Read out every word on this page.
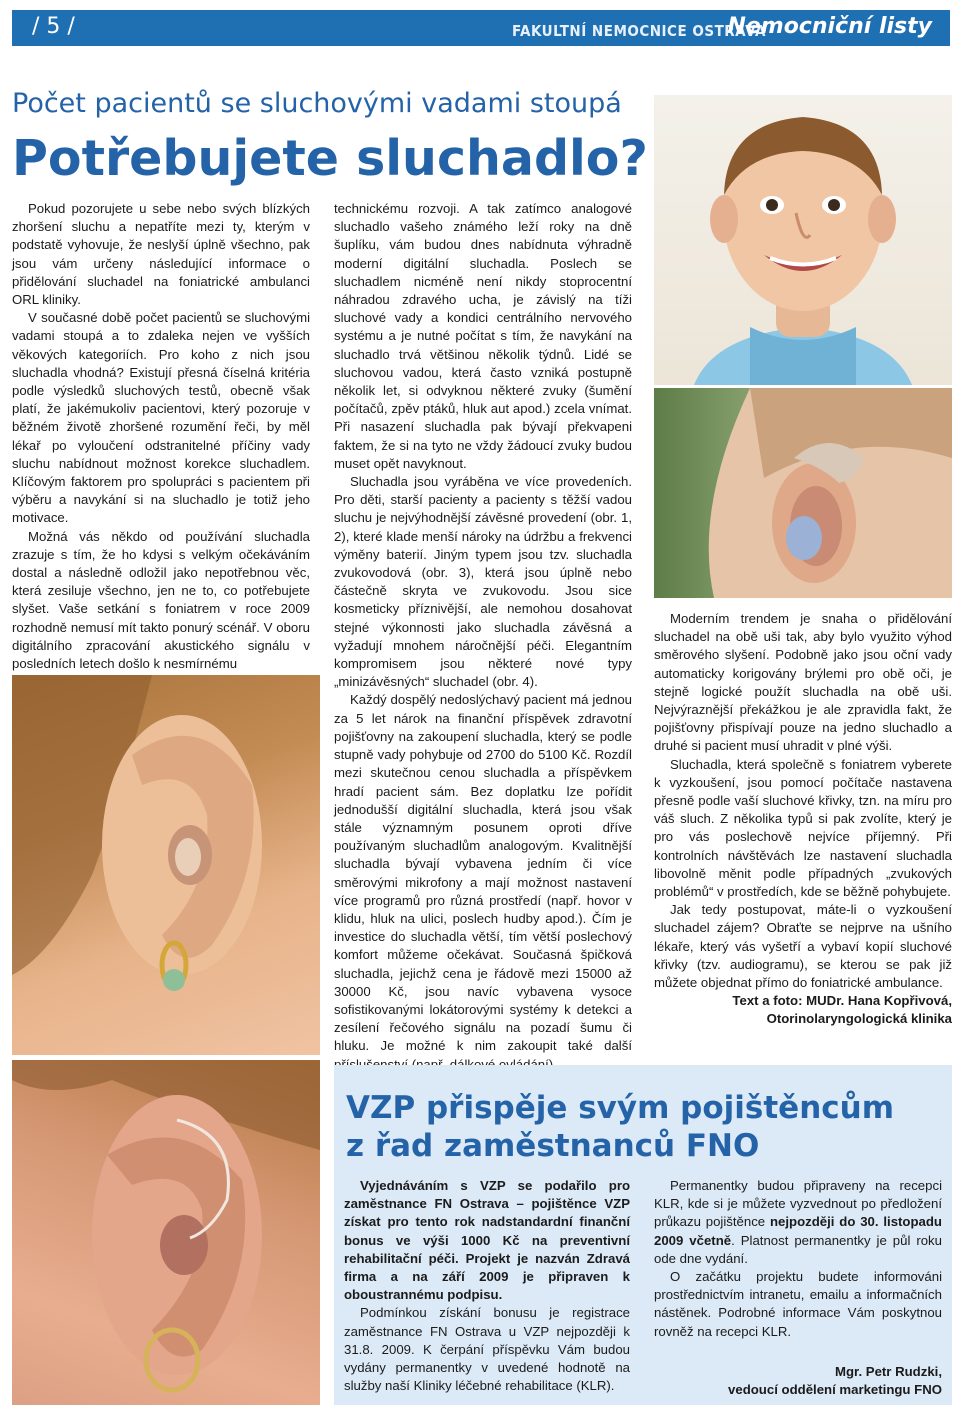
/ 5 /	FAKULTNÍ NEMOCNICE OSTRAVA
Nemocniční listy
Počet pacientů se sluchovými vadami stoupá
Potřebujete sluchadlo?

Pokud pozorujete u sebe nebo svých blízkých zhoršení sluchu a nepatříte mezi ty, kterým v podstatě vyhovuje, že neslyší úplně všechno, pak jsou vám určeny následující informace o přidělování sluchadel na foniatrické ambulanci ORL kliniky.

V současné době počet pacientů se sluchovými vadami stoupá a to zdaleka nejen ve vyšších věkových kategoriích. Pro koho z nich jsou sluchadla vhodná? Existují přesná číselná kritéria podle výsledků sluchových testů, obecně však platí, že jakémukoliv pacientovi, který pozoruje v běžném životě zhoršené rozumění řeči, by měl lékař po vyloučení odstranitelné příčiny vady sluchu nabídnout možnost korekce sluchadlem. Klíčovým faktorem pro spolupráci s pacientem při výběru a navykání si na sluchadlo je totiž jeho motivace.

Možná vás někdo od používání sluchadla zrazuje s tím, že ho kdysi s velkým očekáváním dostal a následně odložil jako nepotřebnou věc, která zesiluje všechno, jen ne to, co potřebujete slyšet. Vaše setkání s foniatrem v roce 2009 rozhodně nemusí mít takto ponurý scénář. V oboru digitálního zpracování akustického signálu v posledních letech došlo k nesmírnému

technickému rozvoji. A tak zatímco analogové sluchadlo vašeho známého leží roky na dně šuplíku, vám budou dnes nabídnuta výhradně moderní digitální sluchadla. Poslech se sluchadlem nicméně není nikdy stoprocentní náhradou zdravého ucha, je závislý na tíži sluchové vady a kondici centrálního nervového systému a je nutné počítat s tím, že navykání na sluchadlo trvá většinou několik týdnů. Lidé se sluchovou vadou, která často vzniká postupně několik let, si odvyknou některé zvuky (šumění počítačů, zpěv ptáků, hluk aut apod.) zcela vnímat. Při nasazení sluchadla pak bývají překvapeni faktem, že si na tyto ne vždy žádoucí zvuky budou muset opět navyknout.

Sluchadla jsou vyráběna ve více provedeních. Pro děti, starší pacienty a pacienty s těžší vadou sluchu je nejvýhodnější závěsné provedení (obr. 1, 2), které klade menší nároky na údržbu a frekvenci výměny baterií. Jiným typem jsou tzv. sluchadla zvukovodová (obr. 3), která jsou úplně nebo částečně skryta ve zvukovodu. Jsou sice kosmeticky příznivější, ale nemohou dosahovat stejné výkonnosti jako sluchadla závěsná a vyžadují mnohem náročnější péči. Elegantním kompromisem jsou některé nové typy „minizávěsných“ sluchadel (obr. 4).

Každý dospělý nedoslýchavý pacient má jednou za 5 let nárok na finanční příspěvek zdravotní pojišťovny na zakoupení sluchadla, který se podle stupně vady pohybuje od 2700 do 5100 Kč. Rozdíl mezi skutečnou cenou sluchadla a příspěvkem hradí pacient sám. Bez doplatku lze pořídit jednodušší digitální sluchadla, která jsou však stále významným posunem oproti dříve používaným sluchadlům analogovým. Kvalitnější sluchadla bývají vybavena jedním či více směrovými mikrofony a mají možnost nastavení více programů pro různá prostředí (např. hovor v klidu, hluk na ulici, poslech hudby apod.). Čím je investice do sluchadla větší, tím větší poslechový komfort můžeme očekávat. Současná špičková sluchadla, jejichž cena je řádově mezi 15000 až 30000 Kč, jsou navíc vybavena vysoce sofistikovanými lokátorovými systémy k detekci a zesílení řečového signálu na pozadí šumu či hluku. Je možné k nim zakoupit také další

Moderním trendem je snaha o přidělování sluchadel na obě uši tak, aby bylo využito výhod směrového slyšení. Podobně jako jsou oční vady automaticky korigovány brýlemi pro obě oči, je stejně logické použít sluchadla na obě uši. Nejvýraznější překážkou je ale zpravidla fakt, že pojišťovny přispívají pouze na jedno sluchadlo a druhé si pacient musí uhradit v plné výši.

Sluchadla, která společně s foniatrem vyberete k vyzkoušení, jsou pomocí počítače nastavena přesně podle vaší sluchové křivky, tzn. na míru pro váš sluch. Z několika typů si pak zvolíte, který je pro vás poslechově nejvíce příjemný. Při kontrolních návštěvách lze nastavení sluchadla libovolně měnit podle případných „zvukových problémů“ v prostředích, kde se běžně pohybujete.

Jak tedy postupovat, máte-li o vyzkoušení sluchadel zájem? Obraťte se nejprve na ušního lékaře, který vás vyšetří a vybaví kopií sluchové křivky (tzv. audiogramu), se kterou se pak již můžete objednat přímo do foniatrické ambulance.

Text a foto: MUDr. Hana Kopřivová,
Otorinolaryngologická klinika

VZP přispěje svým pojištěncům
z řad zaměstnanců FNO

Vyjednáváním s VZP se podařilo pro zaměstnance FN Ostrava – pojištěnce VZP získat pro tento rok nadstandardní finanční bonus ve výši 1000 Kč na preventivní rehabilitační péči. Projekt je nazván Zdravá firma a na září 2009 je připraven k oboustrannému podpisu.

Podmínkou získání bonusu je registrace zaměstnance FN Ostrava u VZP nejpozději k 31.8. 2009. K čerpání příspěvku Vám budou vydány permanentky v uvedené hodnotě na služby naší Kliniky léčebné rehabilitace (KLR).

Permanentky budou připraveny na recepci KLR, kde si je můžete vyzvednout po předložení průkazu pojištěnce nejpozději do 30. listopadu 2009 včetně. Platnost permanentky je půl roku ode dne vydání.

O začátku projektu budete informováni prostřednictvím intranetu, emailu a informačních nástěnek. Podrobné informace Vám poskytnou rovněž na recepci KLR.

Mgr. Petr Rudzki,
vedoucí oddělení marketingu FNO
